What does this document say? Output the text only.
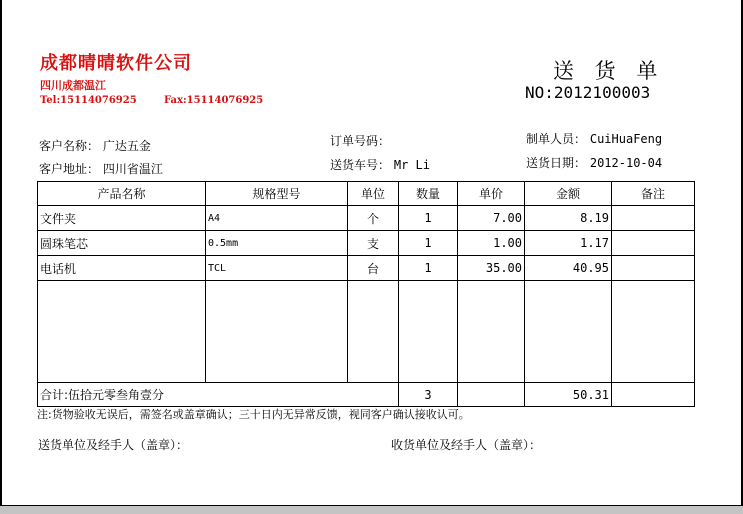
成都晴晴软件公司
四川成都温江
Tel:15114076925	Fax:15114076925
送 货 单
NO:2012100003
客户名称： 广达五金
客户地址： 四川省温江
订单号码：
送货车号： Mr Li
制单人员： CuiHuaFeng
送货日期： 2012-10-04
产品名称	规格型号	单位	数量	单价	金额	备注
文件夹	A4	个	1	7.00	8.19	
圆珠笔芯	0.5mm	支	1	1.00	1.17	
电话机	TCL	台	1	35.00	40.95	

合计:伍拾元零叁角壹分			3		50.31	
注:货物验收无误后，需签名或盖章确认；三十日内无异常反馈，视同客户确认接收认可。
送货单位及经手人（盖章）：	收货单位及经手人（盖章）：
